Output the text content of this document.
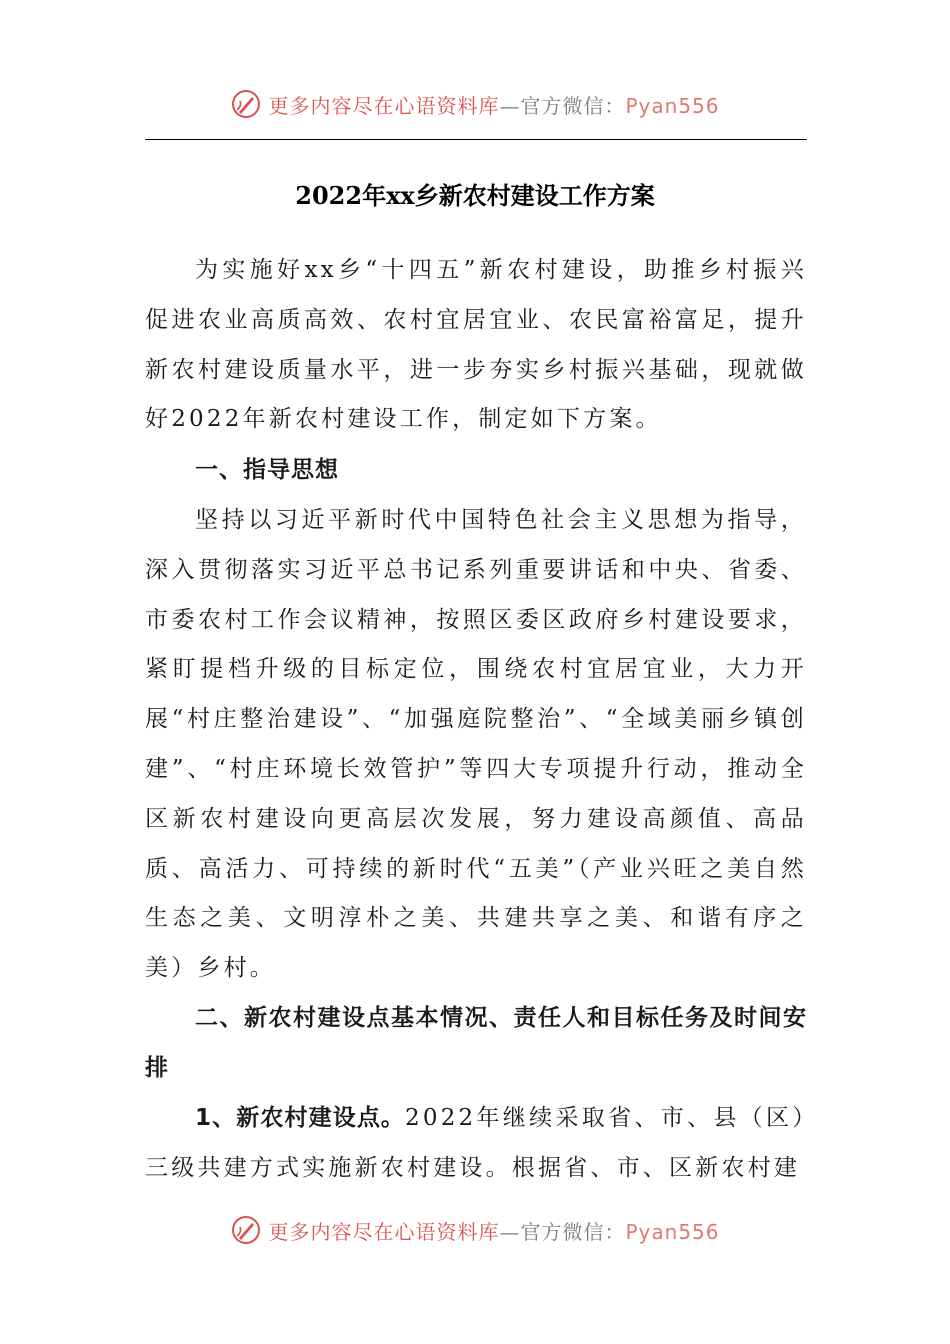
更多内容尽在心语资料库—官方微信：Pyan556
2022年xx乡新农村建设工作方案

为实施好xx乡“十四五”新农村建设，助推乡村振兴促进农业高质高效、农村宜居宜业、农民富裕富足，提升新农村建设质量水平，进一步夯实乡村振兴基础，现就做好2022年新农村建设工作，制定如下方案。

一、指导思想

坚持以习近平新时代中国特色社会主义思想为指导，深入贯彻落实习近平总书记系列重要讲话和中央、省委、市委农村工作会议精神，按照区委区政府乡村建设要求，紧盯提档升级的目标定位，围绕农村宜居宜业，大力开展“村庄整治建设”、“加强庭院整治”、“全域美丽乡镇创建”、“村庄环境长效管护”等四大专项提升行动，推动全区新农村建设向更高层次发展，努力建设高颜值、高品质、高活力、可持续的新时代“五美”（产业兴旺之美自然生态之美、文明淳朴之美、共建共享之美、和谐有序之美）乡村。

二、新农村建设点基本情况、责任人和目标任务及时间安排

1、新农村建设点。2022年继续采取省、市、县（区）三级共建方式实施新农村建设。根据省、市、区新农村建

更多内容尽在心语资料库—官方微信：Pyan556
